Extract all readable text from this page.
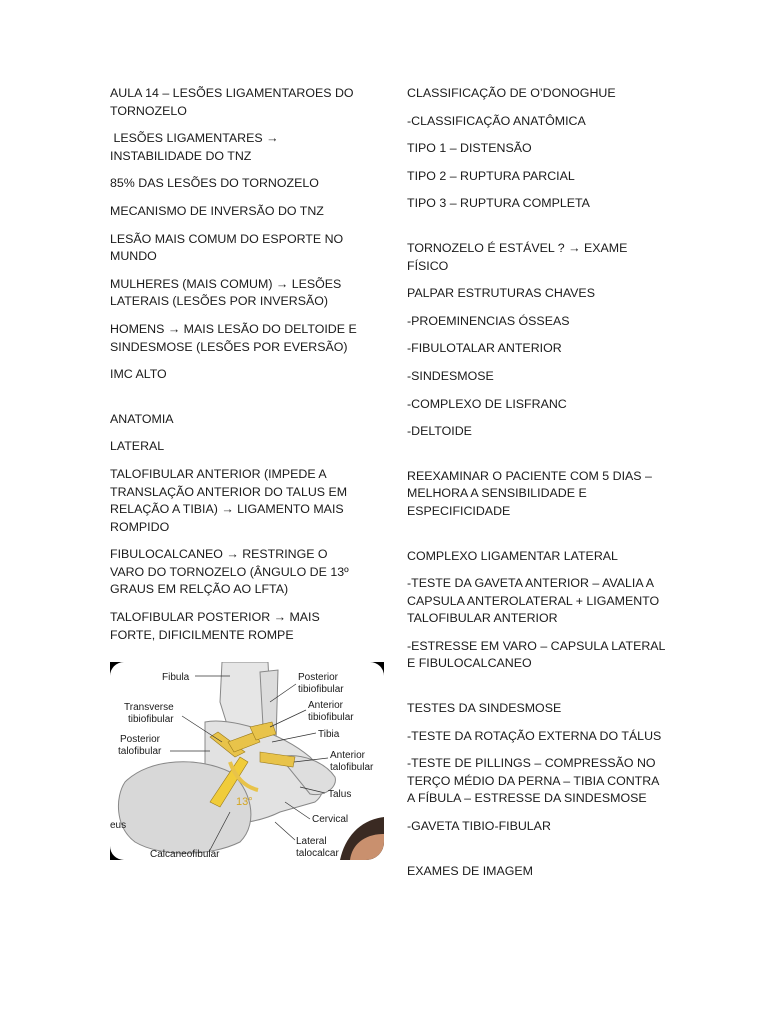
AULA 14 – LESÕES LIGAMENTAROES DO TORNOZELO

LESÕES LIGAMENTARES → INSTABILIDADE DO TNZ

85% DAS LESÕES DO TORNOZELO

MECANISMO DE INVERSÃO DO TNZ

LESÃO MAIS COMUM DO ESPORTE NO MUNDO

MULHERES (MAIS COMUM) → LESÕES LATERAIS (LESÕES POR INVERSÃO)

HOMENS → MAIS LESÃO DO DELTOIDE E SINDESMOSE (LESÕES POR EVERSÃO)

IMC ALTO

ANATOMIA

LATERAL

TALOFIBULAR ANTERIOR (IMPEDE A TRANSLAÇÃO ANTERIOR DO TALUS EM RELAÇÃO A TIBIA) → LIGAMENTO MAIS ROMPIDO

FIBULOCALCANEO → RESTRINGE O VARO DO TORNOZELO (ÂNGULO DE 13º GRAUS EM RELÇÃO AO LFTA)

TALOFIBULAR POSTERIOR → MAIS FORTE, DIFICILMENTE ROMPE

CLASSIFICAÇÃO DE O’DONOGHUE

-CLASSIFICAÇÃO ANATÔMICA

TIPO 1 – DISTENSÃO

TIPO 2 – RUPTURA PARCIAL

TIPO 3 – RUPTURA COMPLETA

TORNOZELO É ESTÁVEL ? → EXAME FÍSICO

PALPAR ESTRUTURAS CHAVES

-PROEMINENCIAS ÓSSEAS

-FIBULOTALAR ANTERIOR

-SINDESMOSE

-COMPLEXO DE LISFRANC

-DELTOIDE

REEXAMINAR O PACIENTE COM 5 DIAS – MELHORA A SENSIBILIDADE E ESPECIFICIDADE

COMPLEXO LIGAMENTAR LATERAL

-TESTE DA GAVETA ANTERIOR – AVALIA A CAPSULA ANTEROLATERAL + LIGAMENTO TALOFIBULAR ANTERIOR

-ESTRESSE EM VARO – CAPSULA LATERAL E FIBULOCALCANEO

TESTES DA SINDESMOSE

-TESTE DA ROTAÇÃO EXTERNA DO TÁLUS

-TESTE DE PILLINGS – COMPRESSÃO NO TERÇO MÉDIO DA PERNA – TIBIA CONTRA A FÍBULA – ESTRESSE DA SINDESMOSE

-GAVETA TIBIO-FIBULAR

EXAMES DE IMAGEM

Fibula	Posterior
tibiofibular
Transverse
tibiofibular
Anterior
tibiofibular
Tibia
Posterior
talofibular	Anterior
talofibular
Talus
eus
Cervical
Calcaneofibular
Lateral
talocalcar
13°
